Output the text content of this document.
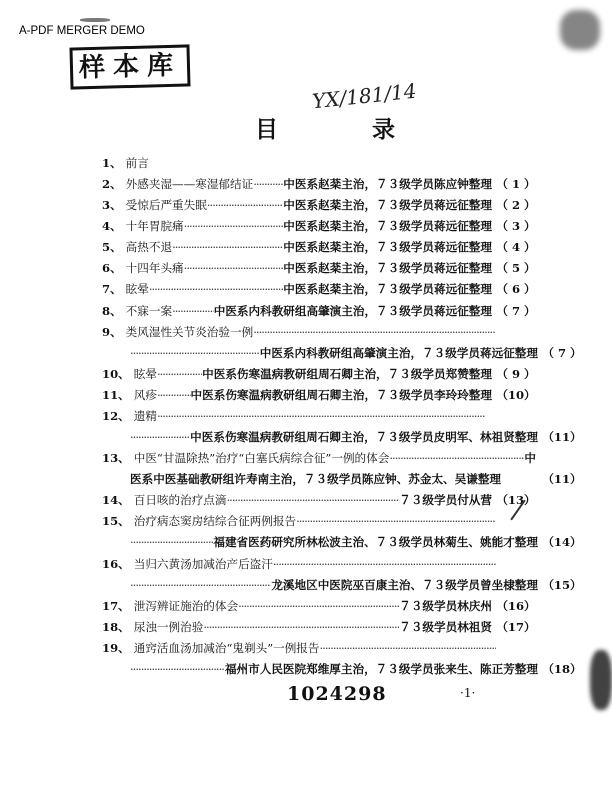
A-PDF MERGER DEMO
样本库
YX/181/14
目	录
1、 前言
2、 外感夹湿——寒湿郁结证 ·····	中医系赵棻主治，７３级学员陈应钟整理 （ 1 ）
3、 受惊后严重失眠 ·····	中医系赵棻主治，７３级学员蒋远征整理 （ 2 ）
4、 十年胃脘痛 ·····	中医系赵棻主治，７３级学员蒋远征整理 （ 3 ）
5、 高热不退 ·····	中医系赵棻主治，７３级学员蒋远征整理 （ 4 ）
6、 十四年头痛 ·····	中医系赵棻主治，７３级学员蒋远征整理 （ 5 ）
7、 眩晕 ·····	中医系赵棻主治，７３级学员蒋远征整理 （ 6 ）
8、 不寐一案 ·····	中医系内科教研组高肇演主治，７３级学员蒋远征整理 （ 7 ）
9、 类风湿性关节炎治验一例
·····
·····
中医系内科教研组高肇演主治，７３级学员蒋远征整理 （ 7 ）
10、 眩晕 ·····	中医系伤寒温病教研组周石卿主治，７３级学员郑赞整理 （ 9 ）
11、 风疹 ·····	中医系伤寒温病教研组周石卿主治，７３级学员李玲玲整理 （10）
12、 遗精
·····
·····
中医系伤寒温病教研组周石卿主治，７３级学员皮明军、林祖贤整理 （11）
13、 中医“甘温除热”治疗“白塞氏病综合征”一例的体会 ·····	中
医系中医基础教研组许寿南主治，７３级学员陈应钟、苏金太、吴谦整理	（11）
14、 百日咳的治疗点滴 ·····	７３级学员付从营 （13）
15、 治疗病态窦房结综合征两例报告
·····
·····
福建省医药研究所林松波主治、７３级学员林菊生、姚能才整理 （14）
16、 当归六黄汤加减治产后盗汗
·····
·····
龙溪地区中医院巫百康主治、７３级学员曾坐棣整理 （15）
17、 泄泻辨证施治的体会 ·····	７３级学员林庆州 （16）
18、 尿浊一例治验 ·····	７３级学员林祖贤 （17）
19、 通窍活血汤加减治“鬼剃头”一例报告
·····
·····
福州市人民医院郑维厚主治，７３级学员张来生、陈正芳整理 （18）
1024298	·1·
